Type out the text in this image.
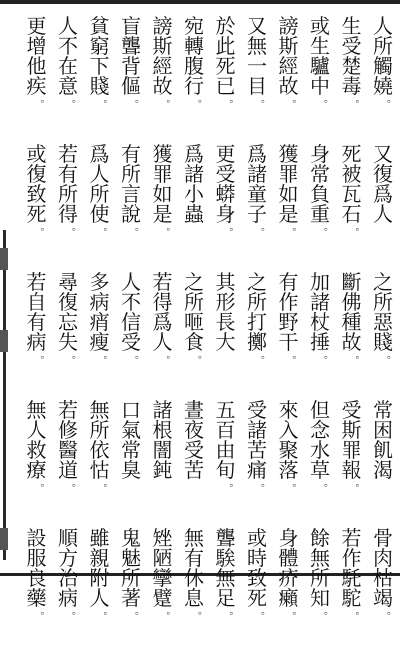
人
所
觸
嬈
。
又
復
爲
人
之
所
惡
賤
。
常
困
飢
渴
骨
肉
枯
竭
。
生
受
楚
毒
。
死
被
瓦
石
。
斷
佛
種
故
。
受
斯
罪
報
。
若
作
馲
駝
。
或
生
驢
中
。
身
常
負
重
。
加
諸
杖
捶
。
但
念
水
草
。
餘
無
所
知
。
謗
斯
經
故
。
獲
罪
如
是
。
有
作
野
干
。
來
入
聚
落
。
身
體
疥
癩
。
又
無
一
目
。
爲
諸
童
子
。
之
所
打
擲
。
受
諸
苦
痛
。
或
時
致
死
。
於
此
死
已
。
更
受
蟒
身
。
其
形
長
大
五
百
由
旬
。
聾
騃
無
足
。
宛
轉
腹
行
。
爲
諸
小
蟲
之
所
咂
食
。
晝
夜
受
苦
無
有
休
息
。
謗
斯
經
故
。
獲
罪
如
是
。
若
得
爲
人
。
諸
根
闇
鈍
矬
陋
攣
躄
。
盲
聾
背
傴
。
有
所
言
說
。
人
不
信
受
。
口
氣
常
臭
鬼
魅
所
著
。
貧
窮
下
賤
。
爲
人
所
使
。
多
病
痟
瘦
。
無
所
依
怙
。
雖
親
附
人
。
人
不
在
意
。
若
有
所
得
。
尋
復
忘
失
。
若
修
醫
道
。
順
方
治
病
。
更
增
他
疾
。
或
復
致
死
。
若
自
有
病
。
無
人
救
療
。
設
服
良
藥
。
